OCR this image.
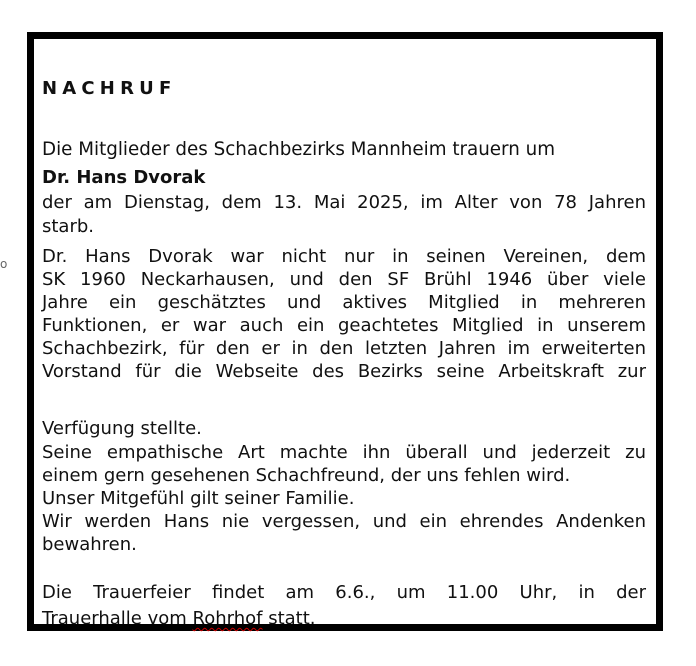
o
NACHRUF
Die Mitglieder des Schachbezirks Mannheim trauern um
Dr. Hans Dvorak
der am Dienstag, dem 13. Mai 2025, im Alter von 78 Jahren
starb.
Dr. Hans Dvorak war nicht nur in seinen Vereinen, dem
SK 1960 Neckarhausen, und den SF Brühl 1946 über viele
Jahre ein geschätztes und aktives Mitglied in mehreren
Funktionen, er war auch ein geachtetes Mitglied in unserem
Schachbezirk, für den er in den letzten Jahren im erweiterten
Vorstand für die Webseite des Bezirks seine Arbeitskraft zur
Verfügung stellte.
Seine empathische Art machte ihn überall und jederzeit zu
einem gern gesehenen Schachfreund, der uns fehlen wird.
Unser Mitgefühl gilt seiner Familie.
Wir werden Hans nie vergessen, und ein ehrendes Andenken
bewahren.
Die Trauerfeier findet am 6.6., um 11.00 Uhr, in der
Trauerhalle vom Rohrhof statt.
